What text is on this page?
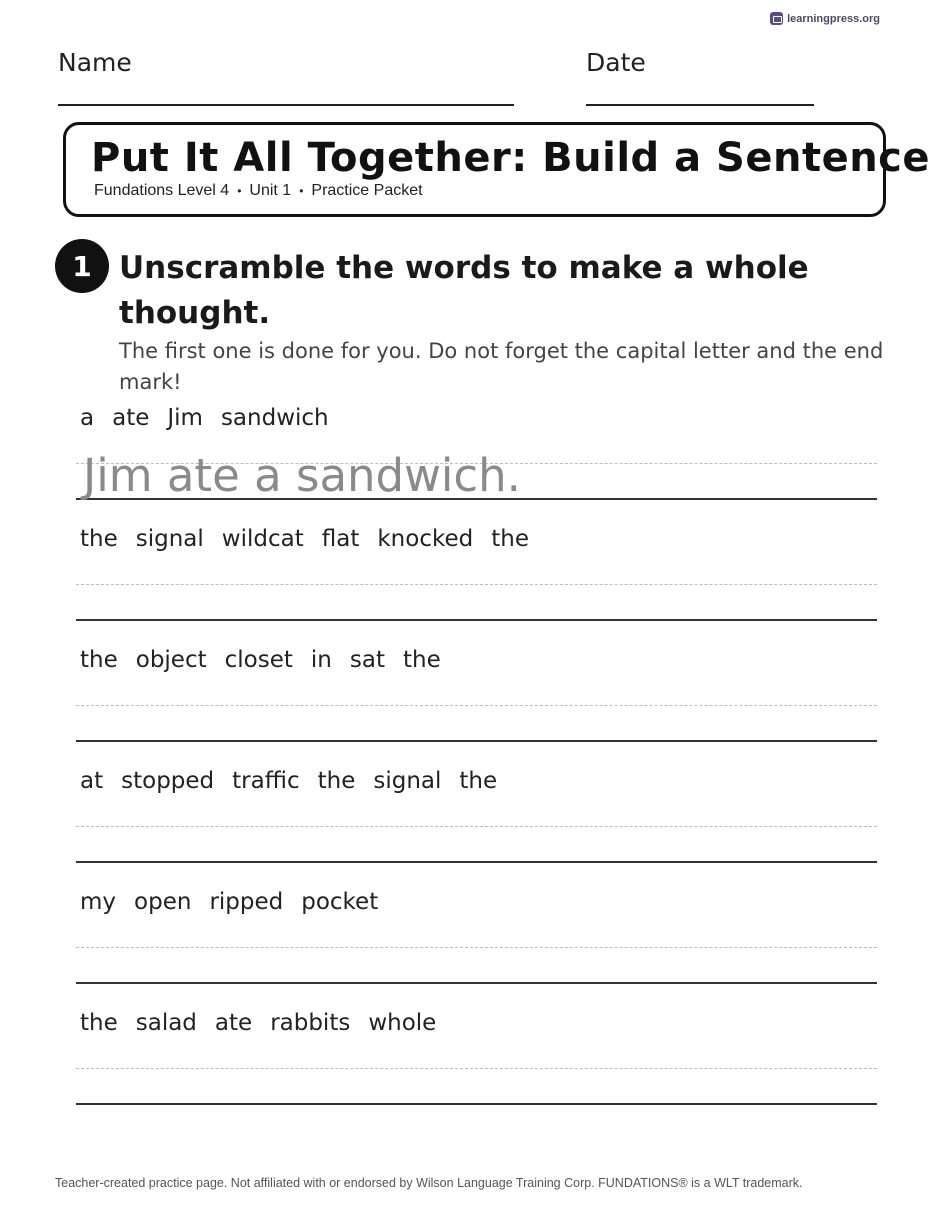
learningpress.org
Name	Date
Put It All Together: Build a Sentence
Fundations Level 4 • Unit 1 • Practice Packet
1 Unscramble the words to make a whole thought.
The first one is done for you. Do not forget the capital letter and the end mark!
a ate Jim sandwich
Jim ate a sandwich.
the signal wildcat flat knocked the
the object closet in sat the
at stopped traffic the signal the
my open ripped pocket
the salad ate rabbits whole
Teacher-created practice page. Not affiliated with or endorsed by Wilson Language Training Corp. FUNDATIONS® is a WLT trademark.
